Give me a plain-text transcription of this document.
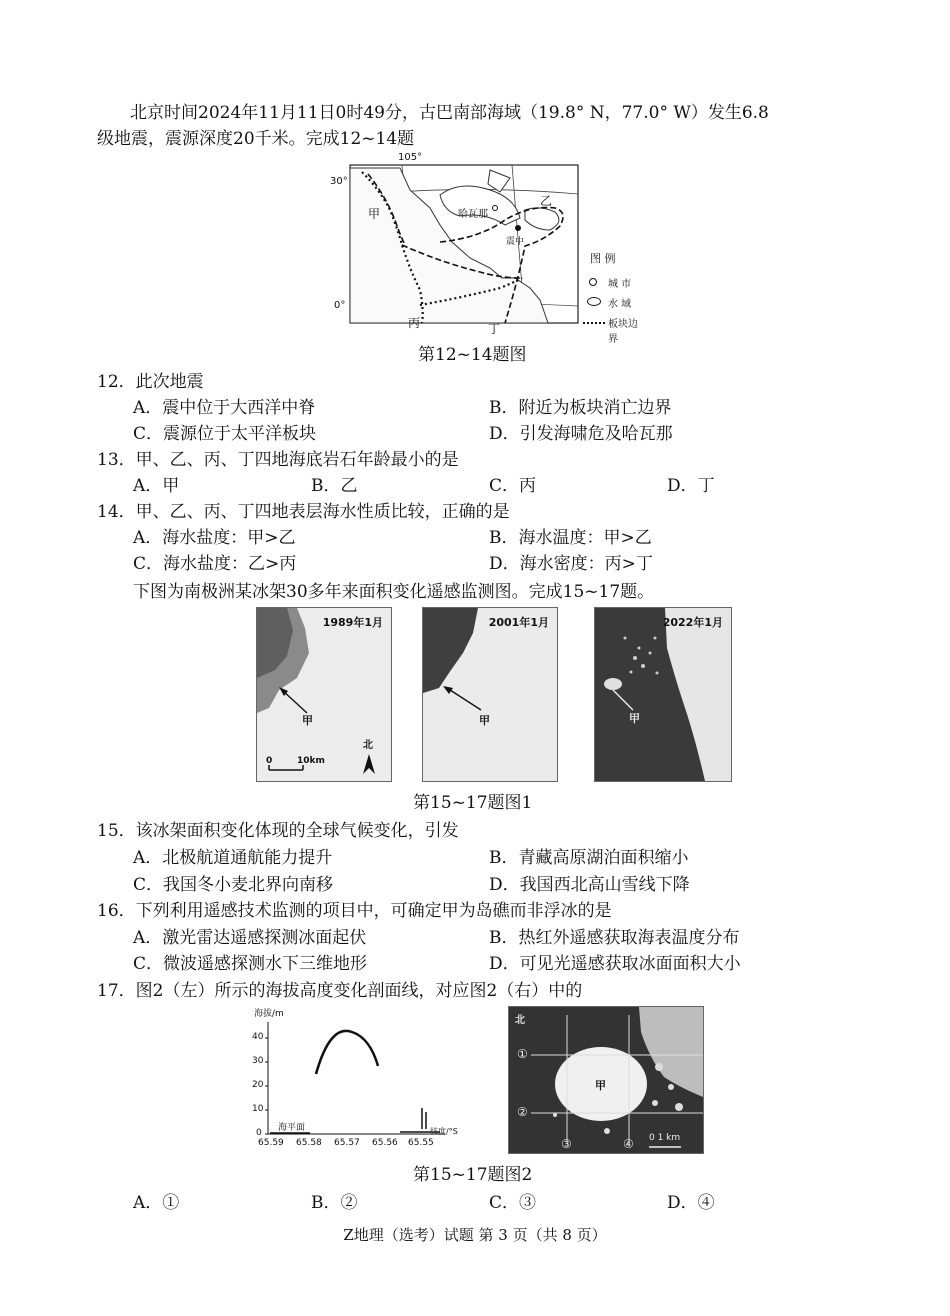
北京时间2024年11月11日0时49分，古巴南部海域（19.8° N，77.0° W）发生6.8
级地震，震源深度20千米。完成12~14题
105°
30°
0°
哈瓦那
震中
甲
乙
丙	丁
图 例
城 市
水 域
板块边界
第12~14题图
12．此次地震
A．震中位于大西洋中脊	B．附近为板块消亡边界
C．震源位于太平洋板块	D．引发海啸危及哈瓦那
13．甲、乙、丙、丁四地海底岩石年龄最小的是
A．甲	B．乙	C．丙	D．丁
14．甲、乙、丙、丁四地表层海水性质比较，正确的是
A．海水盐度：甲>乙	B．海水温度：甲>乙
C．海水盐度：乙>丙	D．海水密度：丙>丁
下图为南极洲某冰架30多年来面积变化遥感监测图。完成15~17题。
1989年1月
甲
0	10km
北
2001年1月
甲
2022年1月
甲
第15~17题图1
15．该冰架面积变化体现的全球气候变化，引发
A．北极航道通航能力提升	B．青藏高原湖泊面积缩小
C．我国冬小麦北界向南移	D．我国西北高山雪线下降
16．下列利用遥感技术监测的项目中，可确定甲为岛礁而非浮冰的是
A．激光雷达遥感探测冰面起伏	B．热红外遥感获取海表温度分布
C．微波遥感探测水下三维地形	D．可见光遥感获取冰面面积大小
17．图2（左）所示的海拔高度变化剖面线，对应图2（右）中的
海拔/m
40
30
20
10
0 海平面
65.59 65.58 65.57 65.56 65.55
纬度/°S
北
甲
①
②
③	④ 0 1 km
第15~17题图2
A．①	B．②	C．③	D．④
Z地理（选考）试题 第 3 页（共 8 页）
